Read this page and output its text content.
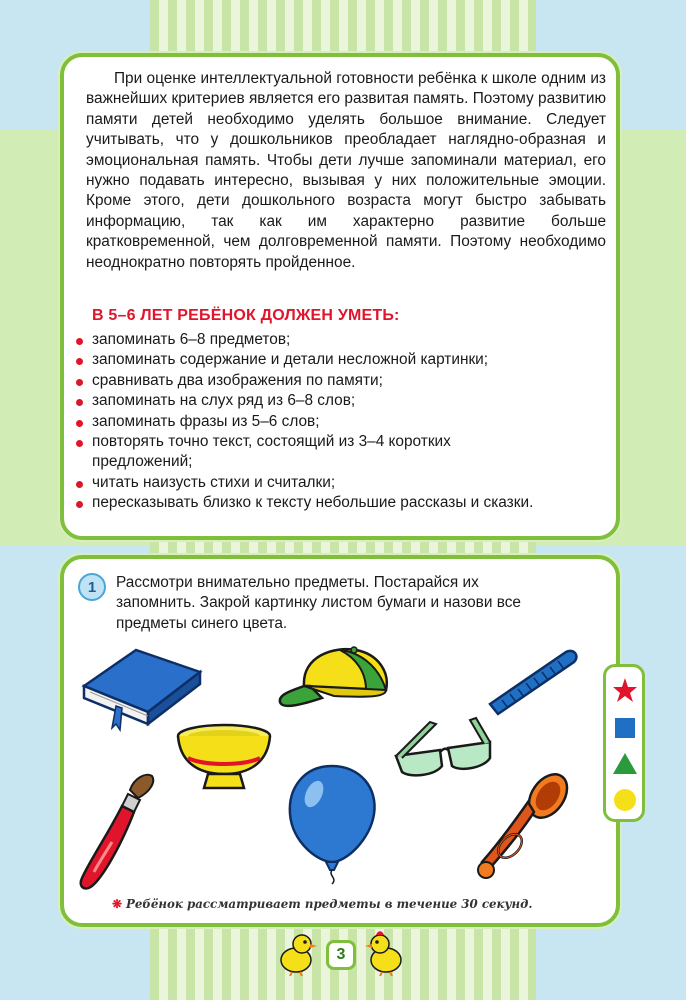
При оценке интеллектуальной готовности ребёнка к школе одним из важнейших критериев является его развитая память. Поэтому развитию памяти детей необходимо уделять большое внимание. Следует учитывать, что у дошкольников преобладает наглядно-образная и эмоциональная память. Чтобы дети лучше запоминали материал, его нужно подавать интересно, вызывая у них положительные эмоции. Кроме этого, дети дошкольного возраста могут быстро забывать информацию, так как им характерно развитие больше кратковременной, чем долговременной памяти. Поэтому необходимо неоднократно повторять пройденное.

В 5–6 ЛЕТ РЕБЁНОК ДОЛЖЕН УМЕТЬ:
запоминать 6–8 предметов;
запоминать содержание и детали несложной картинки;
сравнивать два изображения по памяти;
запоминать на слух ряд из 6–8 слов;
запоминать фразы из 5–6 слов;
повторять точно текст, состоящий из 3–4 коротких предложений;
читать наизусть стихи и считалки;
пересказывать близко к тексту небольшие рассказы и сказки.
1	Рассмотри внимательно предметы. Постарайся их запомнить. Закрой картинку листом бумаги и назови все предметы синего цвета.

❋ Ребёнок рассматривает предметы в течение 30 секунд.
3
